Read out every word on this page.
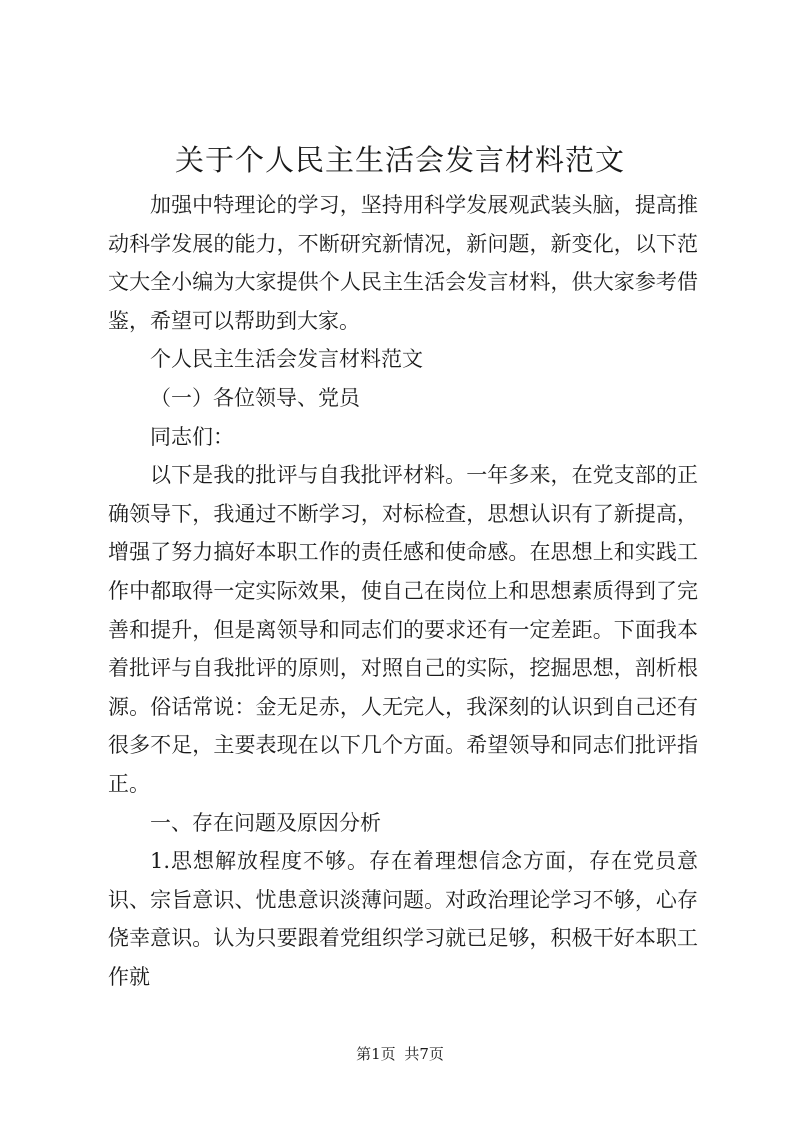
关于个人民主生活会发言材料范文

加强中特理论的学习，坚持用科学发展观武装头脑，提高推动科学发展的能力，不断研究新情况，新问题，新变化，以下范文大全小编为大家提供个人民主生活会发言材料，供大家参考借鉴，希望可以帮助到大家。

个人民主生活会发言材料范文

（一）各位领导、党员

同志们：

以下是我的批评与自我批评材料。一年多来，在党支部的正确领导下，我通过不断学习，对标检查，思想认识有了新提高，增强了努力搞好本职工作的责任感和使命感。在思想上和实践工作中都取得一定实际效果，使自己在岗位上和思想素质得到了完善和提升，但是离领导和同志们的要求还有一定差距。下面我本着批评与自我批评的原则，对照自己的实际，挖掘思想，剖析根源。俗话常说：金无足赤，人无完人，我深刻的认识到自己还有很多不足，主要表现在以下几个方面。希望领导和同志们批评指正。

一、存在问题及原因分析

1.思想解放程度不够。存在着理想信念方面，存在党员意识、宗旨意识、忧患意识淡薄问题。对政治理论学习不够，心存侥幸意识。认为只要跟着党组织学习就已足够，积极干好本职工作就

第1页 共7页
